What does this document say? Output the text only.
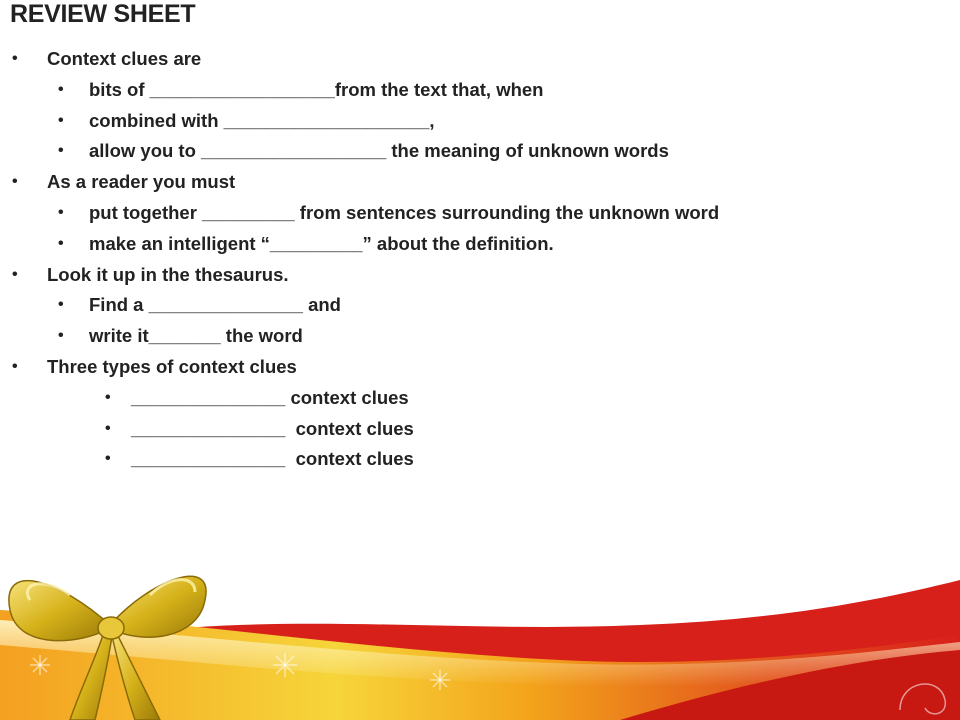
REVIEW SHEET
• Context clues are
• bits of __________________from the text that, when
• combined with ____________________,
• allow you to __________________ the meaning of unknown words
• As a reader you must
• put together _________ from sentences surrounding the unknown word
• make an intelligent “_________” about the definition.
• Look it up in the thesaurus.
• Find a _______________ and
• write it_______ the word
• Three types of context clues
• _______________ context clues
• _______________  context clues
• _______________  context clues
